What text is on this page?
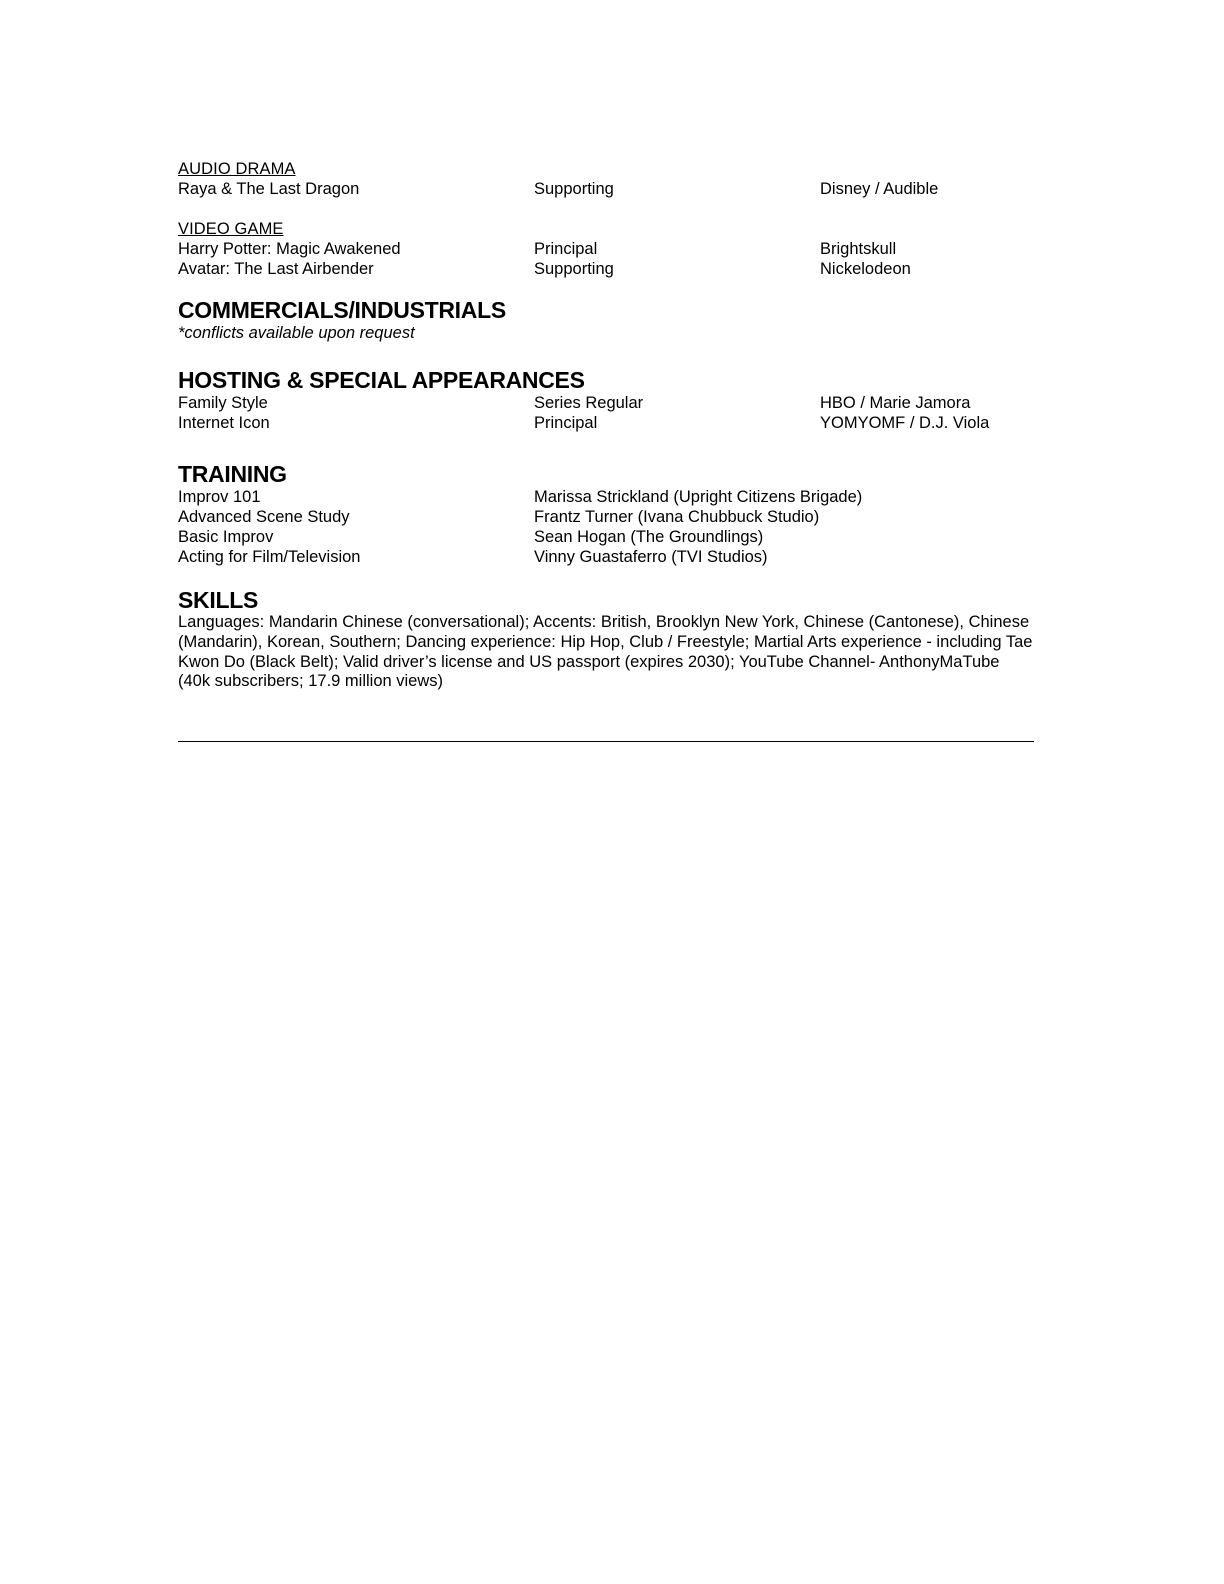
AUDIO DRAMA
Raya & The Last Dragon	Supporting	Disney / Audible
VIDEO GAME
Harry Potter: Magic Awakened	Principal	Brightskull
Avatar: The Last Airbender	Supporting	Nickelodeon
COMMERCIALS/INDUSTRIALS
*conflicts available upon request
HOSTING & SPECIAL APPEARANCES
Family Style	Series Regular	HBO / Marie Jamora
Internet Icon	Principal	YOMYOMF / D.J. Viola
TRAINING
Improv 101	Marissa Strickland (Upright Citizens Brigade)
Advanced Scene Study	Frantz Turner (Ivana Chubbuck Studio)
Basic Improv	Sean Hogan (The Groundlings)
Acting for Film/Television	Vinny Guastaferro (TVI Studios)
SKILLS
Languages: Mandarin Chinese (conversational); Accents: British, Brooklyn New York, Chinese (Cantonese), Chinese (Mandarin), Korean, Southern; Dancing experience: Hip Hop, Club / Freestyle; Martial Arts experience - including Tae Kwon Do (Black Belt); Valid driver’s license and US passport (expires 2030); YouTube Channel- AnthonyMaTube (40k subscribers; 17.9 million views)
